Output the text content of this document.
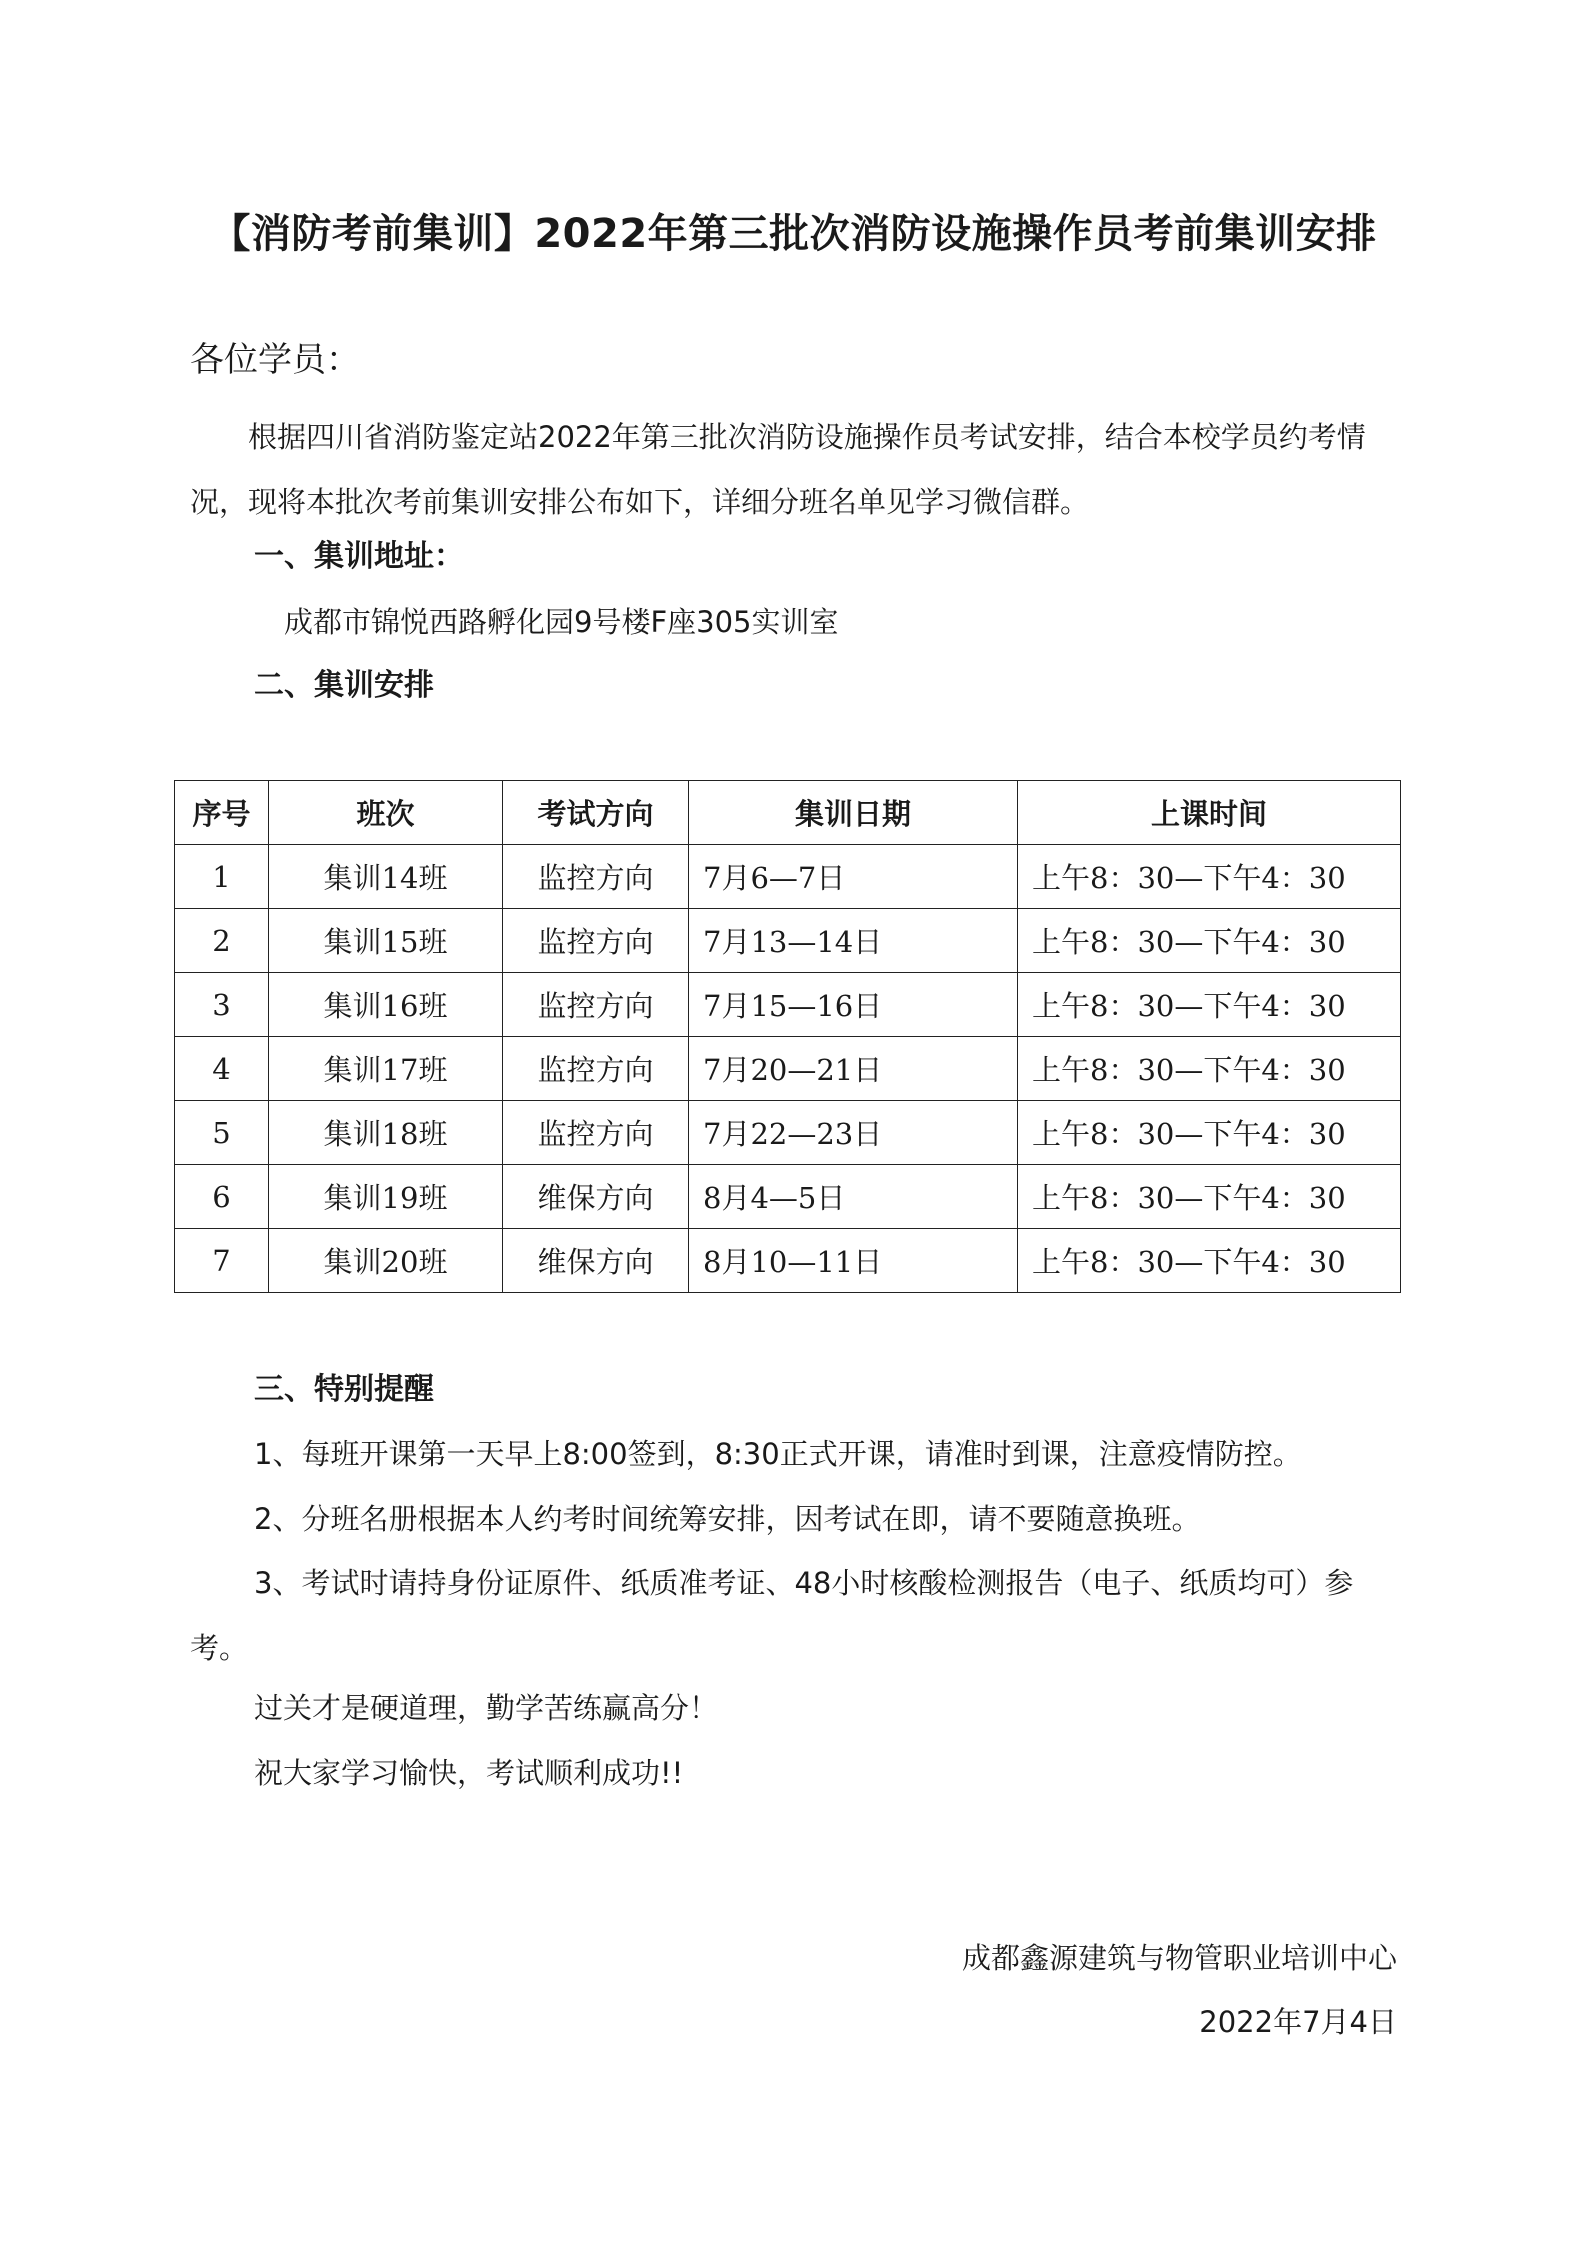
【消防考前集训】2022年第三批次消防设施操作员考前集训安排
各位学员：
根据四川省消防鉴定站2022年第三批次消防设施操作员考试安排，结合本校学员约考情况，现将本批次考前集训安排公布如下，详细分班名单见学习微信群。
一、集训地址：
成都市锦悦西路孵化园9号楼F座305实训室
二、集训安排
序号	班次	考试方向	集训日期	上课时间
1	集训14班	监控方向	7月6—7日	上午8：30—下午4：30
2	集训15班	监控方向	7月13—14日	上午8：30—下午4：30
3	集训16班	监控方向	7月15—16日	上午8：30—下午4：30
4	集训17班	监控方向	7月20—21日	上午8：30—下午4：30
5	集训18班	监控方向	7月22—23日	上午8：30—下午4：30
6	集训19班	维保方向	8月4—5日	上午8：30—下午4：30
7	集训20班	维保方向	8月10—11日	上午8：30—下午4：30
三、特别提醒
1、每班开课第一天早上8:00签到，8:30正式开课，请准时到课，注意疫情防控。
2、分班名册根据本人约考时间统筹安排，因考试在即，请不要随意换班。
3、考试时请持身份证原件、纸质准考证、48小时核酸检测报告（电子、纸质均可）参考。
过关才是硬道理，勤学苦练赢高分！
祝大家学习愉快，考试顺利成功!!
成都鑫源建筑与物管职业培训中心
2022年7月4日
